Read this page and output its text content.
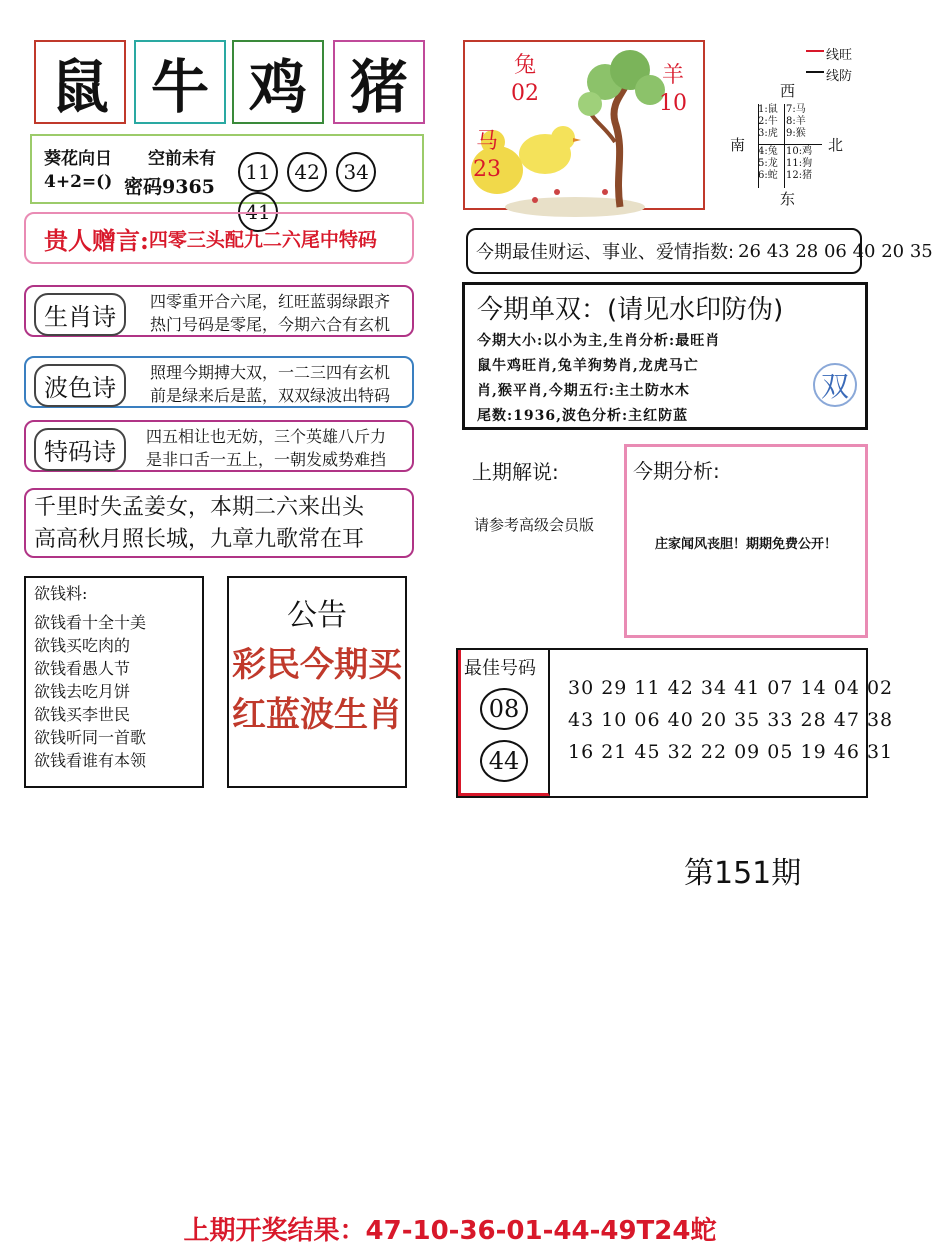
鼠 牛 鸡 猪
葵花向日 空前未有
4+2=() 密码9365
11 42 34 41
贵人赠言: 四零三头配九二六尾中特码
生肖诗
四零重开合六尾，红旺蓝弱绿跟齐
热门号码是零尾，今期六合有玄机
波色诗
照理今期搏大双，一二三四有玄机
前是绿来后是蓝，双双绿波出特码
特码诗
四五相让也无妨，三个英雄八斤力
是非口舌一五上，一朝发威势难挡
千里时失孟姜女，本期二六来出头
高高秋月照长城，九章九歌常在耳
欲钱料:
欲钱看十全十美
欲钱买吃肉的
欲钱看愚人节
欲钱去吃月饼
欲钱买李世民
欲钱听同一首歌
欲钱看谁有本领
公告
彩民今期买
红蓝波生肖
兔
02
羊
10
马
23
线旺
线防
西
东
南	北
1:鼠
2:牛
3:虎
4:兔
5:龙
6:蛇
7:马
8:羊
9:猴
10:鸡
11:狗
12:猪
今期最佳财运、事业、爱情指数: 26 43 28 06 40 20 35
今期单双：(请见水印防伪)
今期大小:以小为主,生肖分析:最旺肖
鼠牛鸡旺肖,兔羊狗势肖,龙虎马亡
肖,猴平肖,今期五行:主土防水木
尾数:1936,波色分析:主红防蓝
双
上期解说:
请参考高级会员版
今期分析:
庄家闻风丧胆！期期免费公开！
最佳号码
08
44
30 29 11 42 34 41 07 14 04 02
43 10 06 40 20 35 33 28 47 38
16 21 45 32 22 09 05 19 46 31
第151期
上期开奖结果：47-10-36-01-44-49T24蛇
